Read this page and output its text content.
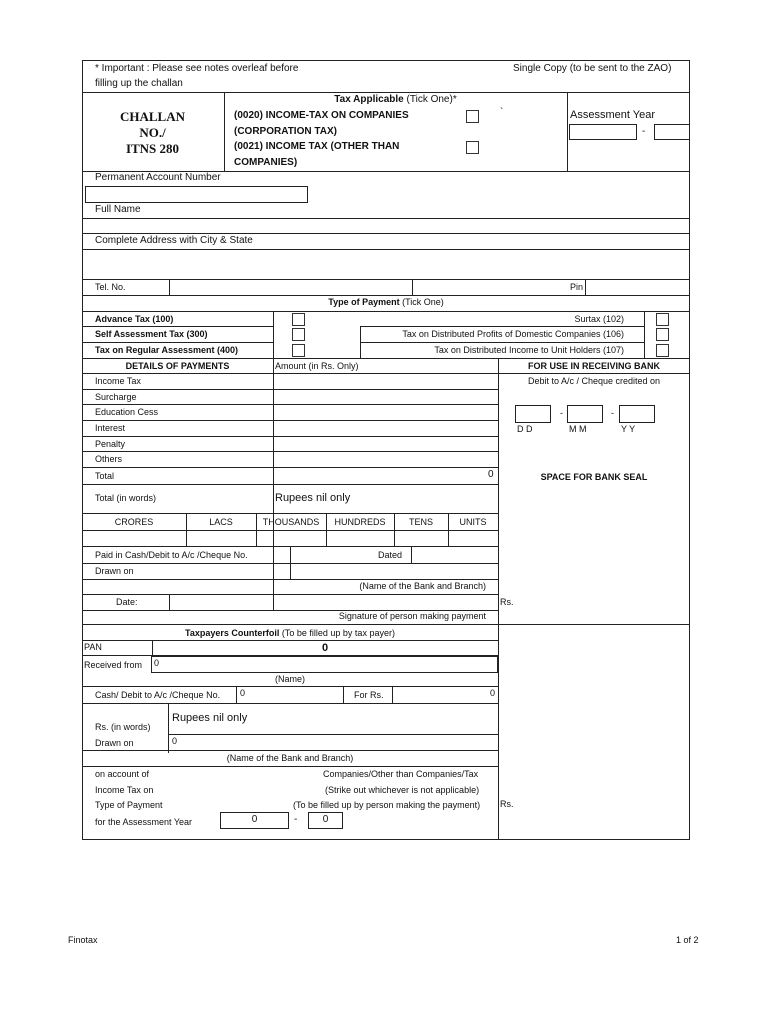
* Important : Please see notes overleaf before
filling up the challan
Single Copy (to be sent to the ZAO)
CHALLAN
NO./
ITNS 280
Tax Applicable (Tick One)*
(0020) INCOME-TAX ON COMPANIES
(CORPORATION TAX)
(0021) INCOME TAX (OTHER THAN
COMPANIES)
`	Assessment Year
-
Permanent Account Number
Full Name
Complete Address with City & State
Tel. No.	Pin
Type of Payment (Tick One)
Advance Tax (100)
Self Assessment Tax (300)
Tax on Regular Assessment (400)
Surtax (102)
Tax on Distributed Profits of Domestic Companies (106)
Tax on Distributed Income to Unit Holders (107)
DETAILS OF PAYMENTS	Amount (in Rs. Only)
Income Tax
Surcharge
Education Cess
Interest
Penalty
Others
Total	0
Total (in words)	Rupees nil only
CRORES	LACS	THOUSANDS	HUNDREDS	TENS	UNITS
Paid in Cash/Debit to A/c /Cheque No.	Dated
Drawn on
(Name of the Bank and Branch)
Date:
Signature of person making payment
FOR USE IN RECEIVING BANK
Debit to A/c / Cheque credited on
-	-
D D	M M	Y Y
SPACE FOR BANK SEAL
Rs.
Rs.
Taxpayers Counterfoil (To be filled up by tax payer)
PAN	0
Received from 0
(Name)
Cash/ Debit to A/c /Cheque No. 0	For Rs.	0
Rs. (in words)
Rupees nil only
Drawn on	0
(Name of the Bank and Branch)
on account of	Companies/Other than Companies/Tax
Income Tax on	(Strike out whichever is not applicable)
Type of Payment	(To be filled up by person making the payment)
for the Assessment Year	0	-	0
Finotax	1 of 2
